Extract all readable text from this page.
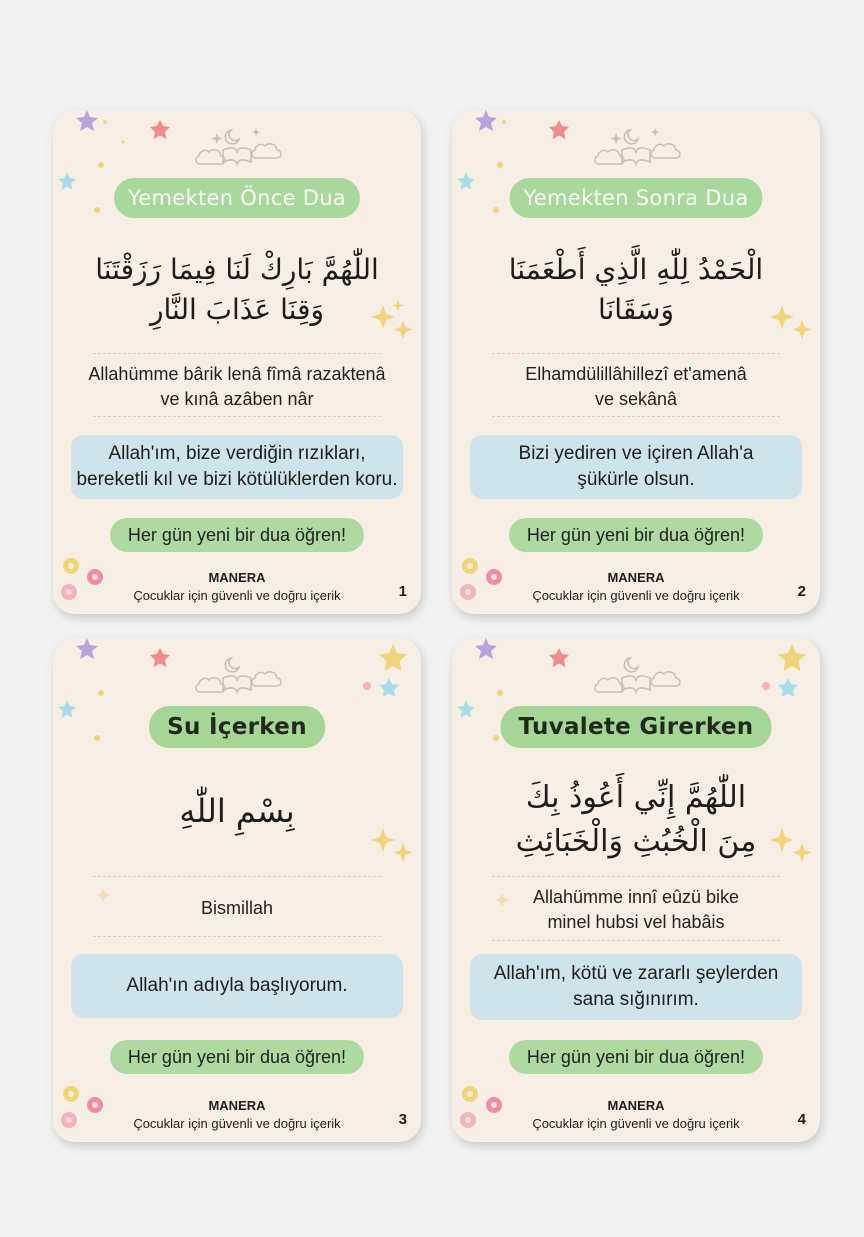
Yemekten Önce Dua
اللّٰهُمَّ بَارِكْ لَنَا فِيمَا رَزَقْتَنَا
وَقِنَا عَذَابَ النَّارِ
Allahümme bârik lenâ fîmâ razaktenâ
ve kınâ azâben nâr
Allah'ım, bize verdiğin rızıkları,
bereketli kıl ve bizi kötülüklerden koru.
Her gün yeni bir dua öğren!
MANERA
Çocuklar için güvenli ve doğru içerik	1
Yemekten Sonra Dua
الْحَمْدُ لِلّٰهِ الَّذِي أَطْعَمَنَا
وَسَقَانَا
Elhamdülillâhillezî et'amenâ
ve sekânâ
Bizi yediren ve içiren Allah'a
şükürle olsun.
Her gün yeni bir dua öğren!
MANERA
Çocuklar için güvenli ve doğru içerik	2
Su İçerken
بِسْمِ اللّٰهِ
Bismillah
Allah'ın adıyla başlıyorum.
Her gün yeni bir dua öğren!
MANERA
Çocuklar için güvenli ve doğru içerik	3
Tuvalete Girerken
اللّٰهُمَّ إِنِّي أَعُوذُ بِكَ
مِنَ الْخُبُثِ وَالْخَبَائِثِ
Allahümme innî eûzü bike
minel hubsi vel habâis
Allah'ım, kötü ve zararlı şeylerden
sana sığınırım.
Her gün yeni bir dua öğren!
MANERA
Çocuklar için güvenli ve doğru içerik	4
